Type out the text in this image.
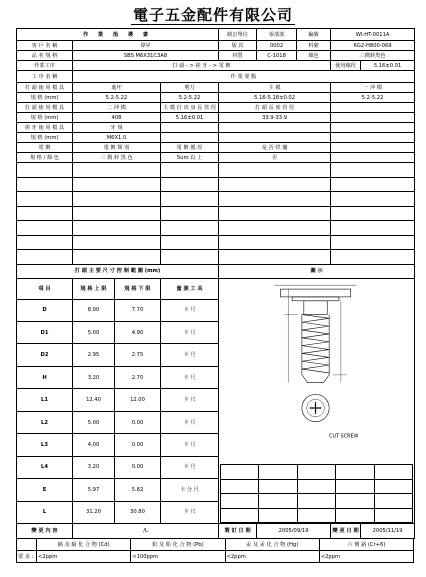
電子五金配件有限公司
作 業 指 導 書	制訂單位	零部部	編號	WI-HT-0011A
客 戶 名 稱	偉昇	版 次	0002	料號	6G2-H800-069
品 名 規 格	SBS M6X31C3A8	材質	C-1018	顏色	三價鋅黑色
作業工序	打 頭 - > 搓 牙 - > 電 鍍	使用線徑	5.16±0.01
工 序 名 稱	作 業 要 點
打 頭 使 用 模 具	進坯	剪刀	主 模	一 沖 模
規 格 (mm)	5.2-5.22	5.2-5.22	5.16-5.18±0.02	5.2-5.22
打 頭 使 用 模 具	二 沖 模	主 模 打 出 身 長 管 徑	打 頭 長 度 管 徑	
規 格 (mm)	408	5.16±0.01	33.9-33.9	
搓 牙 使 用 模 具	牙 規			
規 格 (mm)	M6X1.0			
電 鍍	電 鍍 類 別	電 鍍 膜 厚	是 否 烘 爐	
規 格 / 顏 色	三 價 鋅 黑 色	5um 以 上	否	

打 頭 主 要 尺 寸 控 制 範 圍 (mm)	圖 示
項 目	規 格 上 限	規 格 下 限	量 測 工 具	
CUT SCREW

D	8.00	7.70	卡 尺
D1	5.00	4.90	卡 尺
D2	2.95	2.75	卡 尺
H	3.20	2.70	卡 尺
L1	12.40	12.00	卡 尺
L2	5.00	0.00	卡 尺
L3	4.00	0.00	卡 尺
L4	3.20	0.00	卡 尺
E	5.97	5.82	卡 分 尺
L	31.20	30.80	卡 尺
變 更 內 容	/L	製 訂 日 期	2005/09/19	變 更 日 期	2005/11/19
	鎘 及 鎘 化 合 物 (Cd)	鉛 及 鉛 化 合 物 (Pb)	汞 及 汞 化 合 物 (Hg)	六 價 鉻 (Cr+6)
要 求 :	<2ppm	<100ppm	<2ppm	<2ppm
